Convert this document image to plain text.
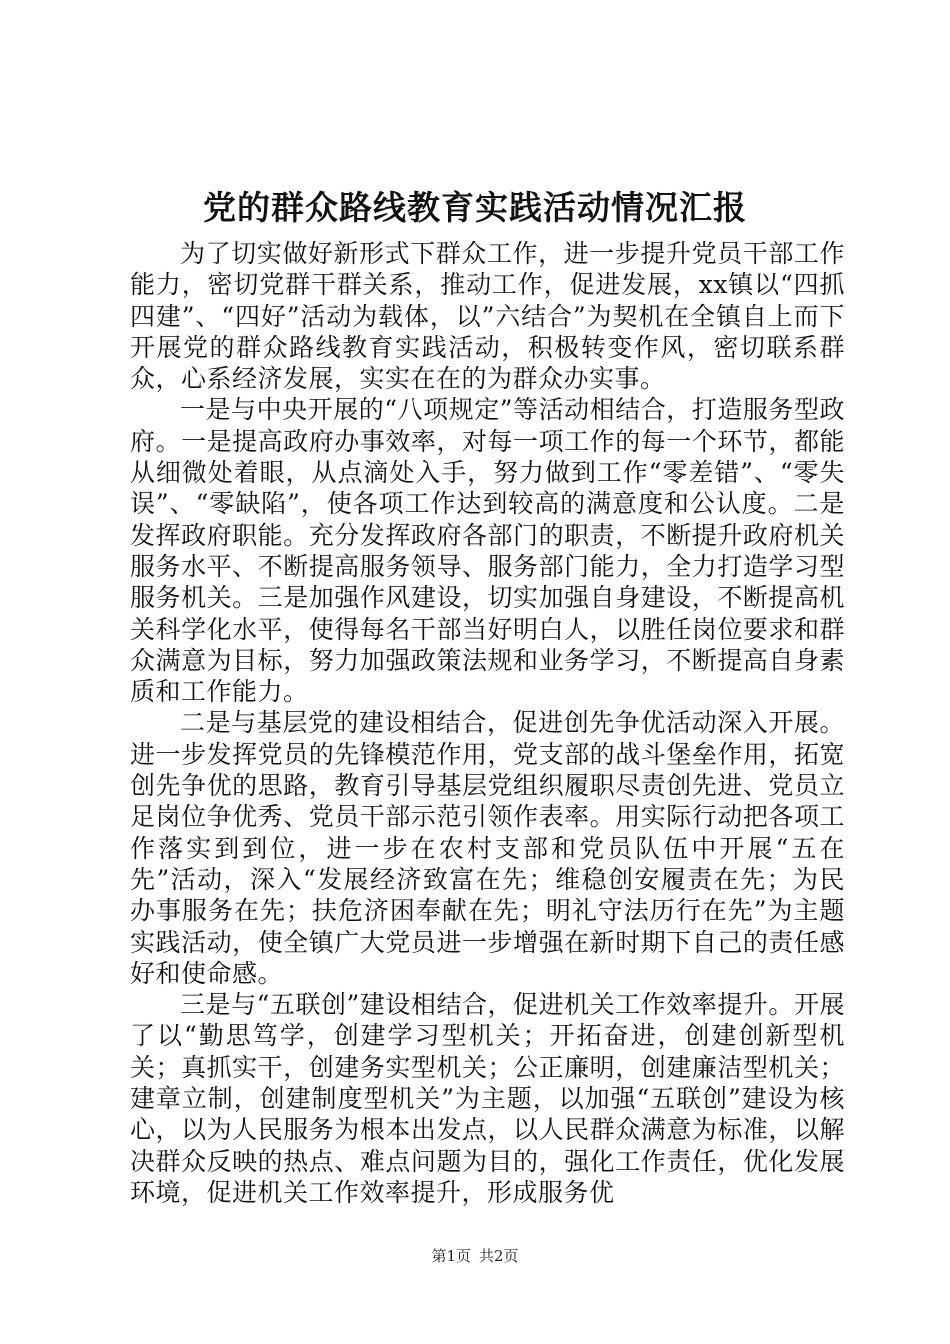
党的群众路线教育实践活动情况汇报

为了切实做好新形式下群众工作，进一步提升党员干部工作能力，密切党群干群关系，推动工作，促进发展，xx镇以“四抓四建”、“四好”活动为载体，以”六结合”为契机在全镇自上而下开展党的群众路线教育实践活动，积极转变作风，密切联系群众，心系经济发展，实实在在的为群众办实事。

一是与中央开展的“八项规定”等活动相结合，打造服务型政府。一是提高政府办事效率，对每一项工作的每一个环节，都能从细微处着眼，从点滴处入手，努力做到工作“零差错”、“零失误”、“零缺陷”，使各项工作达到较高的满意度和公认度。二是发挥政府职能。充分发挥政府各部门的职责，不断提升政府机关服务水平、不断提高服务领导、服务部门能力，全力打造学习型服务机关。三是加强作风建设，切实加强自身建设，不断提高机关科学化水平，使得每名干部当好明白人，以胜任岗位要求和群众满意为目标，努力加强政策法规和业务学习，不断提高自身素质和工作能力。

二是与基层党的建设相结合，促进创先争优活动深入开展。进一步发挥党员的先锋模范作用，党支部的战斗堡垒作用，拓宽创先争优的思路，教育引导基层党组织履职尽责创先进、党员立足岗位争优秀、党员干部示范引领作表率。用实际行动把各项工作落实到到位，进一步在农村支部和党员队伍中开展“五在先”活动，深入“发展经济致富在先；维稳创安履责在先；为民办事服务在先；扶危济困奉献在先；明礼守法历行在先”为主题实践活动，使全镇广大党员进一步增强在新时期下自己的责任感好和使命感。

三是与“五联创”建设相结合，促进机关工作效率提升。开展了以“勤思笃学，创建学习型机关；开拓奋进，创建创新型机关；真抓实干，创建务实型机关；公正廉明，创建廉洁型机关；建章立制，创建制度型机关”为主题，以加强“五联创”建设为核心，以为人民服务为根本出发点，以人民群众满意为标准，以解决群众反映的热点、难点问题为目的，强化工作责任，优化发展环境，促进机关工作效率提升，形成服务优

第1页 共2页
